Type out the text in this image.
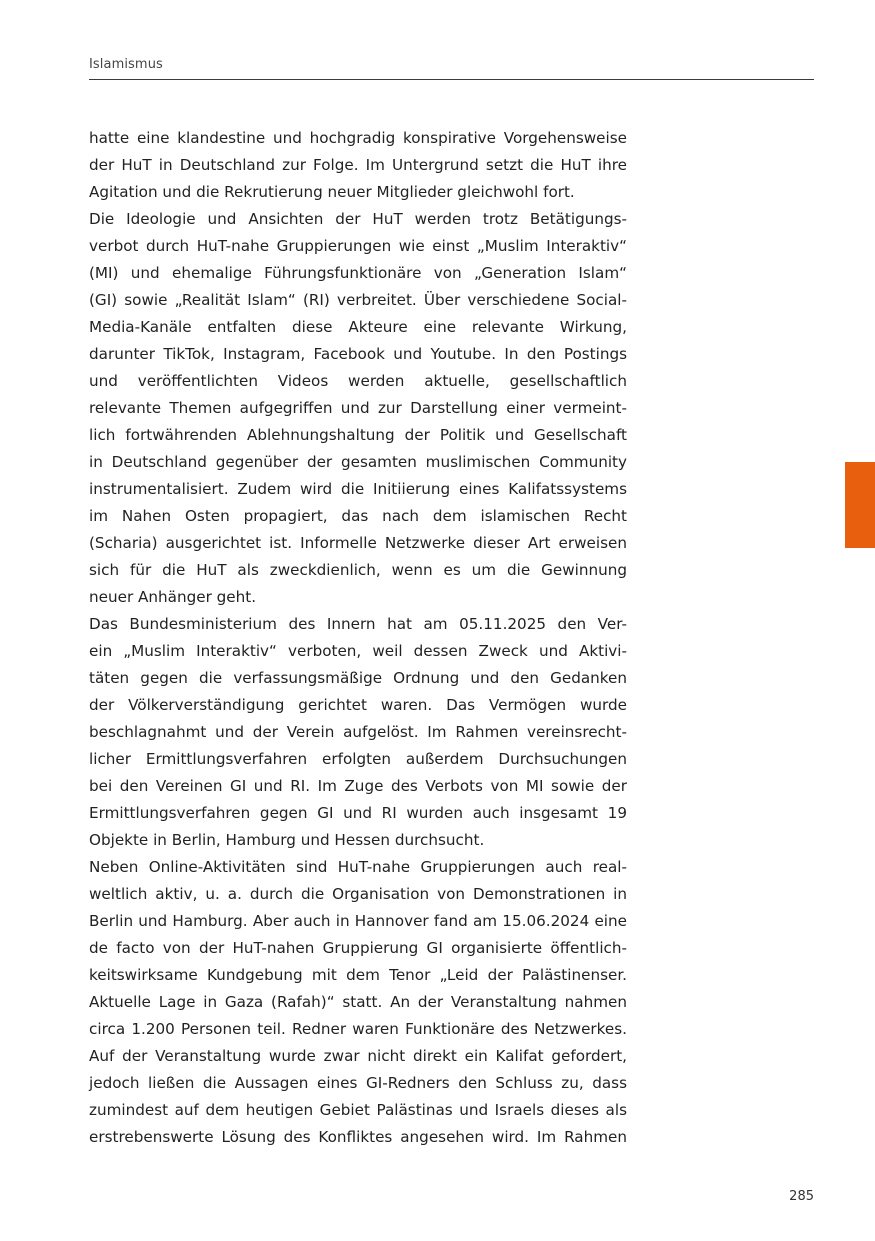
Islamismus
hatte eine klandestine und hochgradig konspirative Vorgehensweise
der HuT in Deutschland zur Folge. Im Untergrund setzt die HuT ihre
Agitation und die Rekrutierung neuer Mitglieder gleichwohl fort.
Die Ideologie und Ansichten der HuT werden trotz Betätigungs-
verbot durch HuT-nahe Gruppierungen wie einst „Muslim Interaktiv“
(MI) und ehemalige Führungsfunktionäre von „Generation Islam“
(GI) sowie „Realität Islam“ (RI) verbreitet. Über verschiedene Social-
Media-Kanäle entfalten diese Akteure eine relevante Wirkung,
darunter TikTok, Instagram, Facebook und Youtube. In den Postings
und veröffentlichten Videos werden aktuelle, gesellschaftlich
relevante Themen aufgegriffen und zur Darstellung einer vermeint-
lich fortwährenden Ablehnungshaltung der Politik und Gesellschaft
in Deutschland gegenüber der gesamten muslimischen Community
instrumentalisiert. Zudem wird die Initiierung eines Kalifatssystems
im Nahen Osten propagiert, das nach dem islamischen Recht
(Scharia) ausgerichtet ist. Informelle Netzwerke dieser Art erweisen
sich für die HuT als zweckdienlich, wenn es um die Gewinnung
neuer Anhänger geht.
Das Bundesministerium des Innern hat am 05.11.2025 den Ver-
ein „Muslim Interaktiv“ verboten, weil dessen Zweck und Aktivi-
täten gegen die verfassungsmäßige Ordnung und den Gedanken
der Völkerverständigung gerichtet waren. Das Vermögen wurde
beschlagnahmt und der Verein aufgelöst. Im Rahmen vereinsrecht-
licher Ermittlungsverfahren erfolgten außerdem Durchsuchungen
bei den Vereinen GI und RI. Im Zuge des Verbots von MI sowie der
Ermittlungsverfahren gegen GI und RI wurden auch insgesamt 19
Objekte in Berlin, Hamburg und Hessen durchsucht.
Neben Online-Aktivitäten sind HuT-nahe Gruppierungen auch real-
weltlich aktiv, u. a. durch die Organisation von Demonstrationen in
Berlin und Hamburg. Aber auch in Hannover fand am 15.06.2024 eine
de facto von der HuT-nahen Gruppierung GI organisierte öffentlich-
keitswirksame Kundgebung mit dem Tenor „Leid der Palästinenser.
Aktuelle Lage in Gaza (Rafah)“ statt. An der Veranstaltung nahmen
circa 1.200 Personen teil. Redner waren Funktionäre des Netzwerkes.
Auf der Veranstaltung wurde zwar nicht direkt ein Kalifat gefordert,
jedoch ließen die Aussagen eines GI-Redners den Schluss zu, dass
zumindest auf dem heutigen Gebiet Palästinas und Israels dieses als
erstrebenswerte Lösung des Konfliktes angesehen wird. Im Rahmen
285
